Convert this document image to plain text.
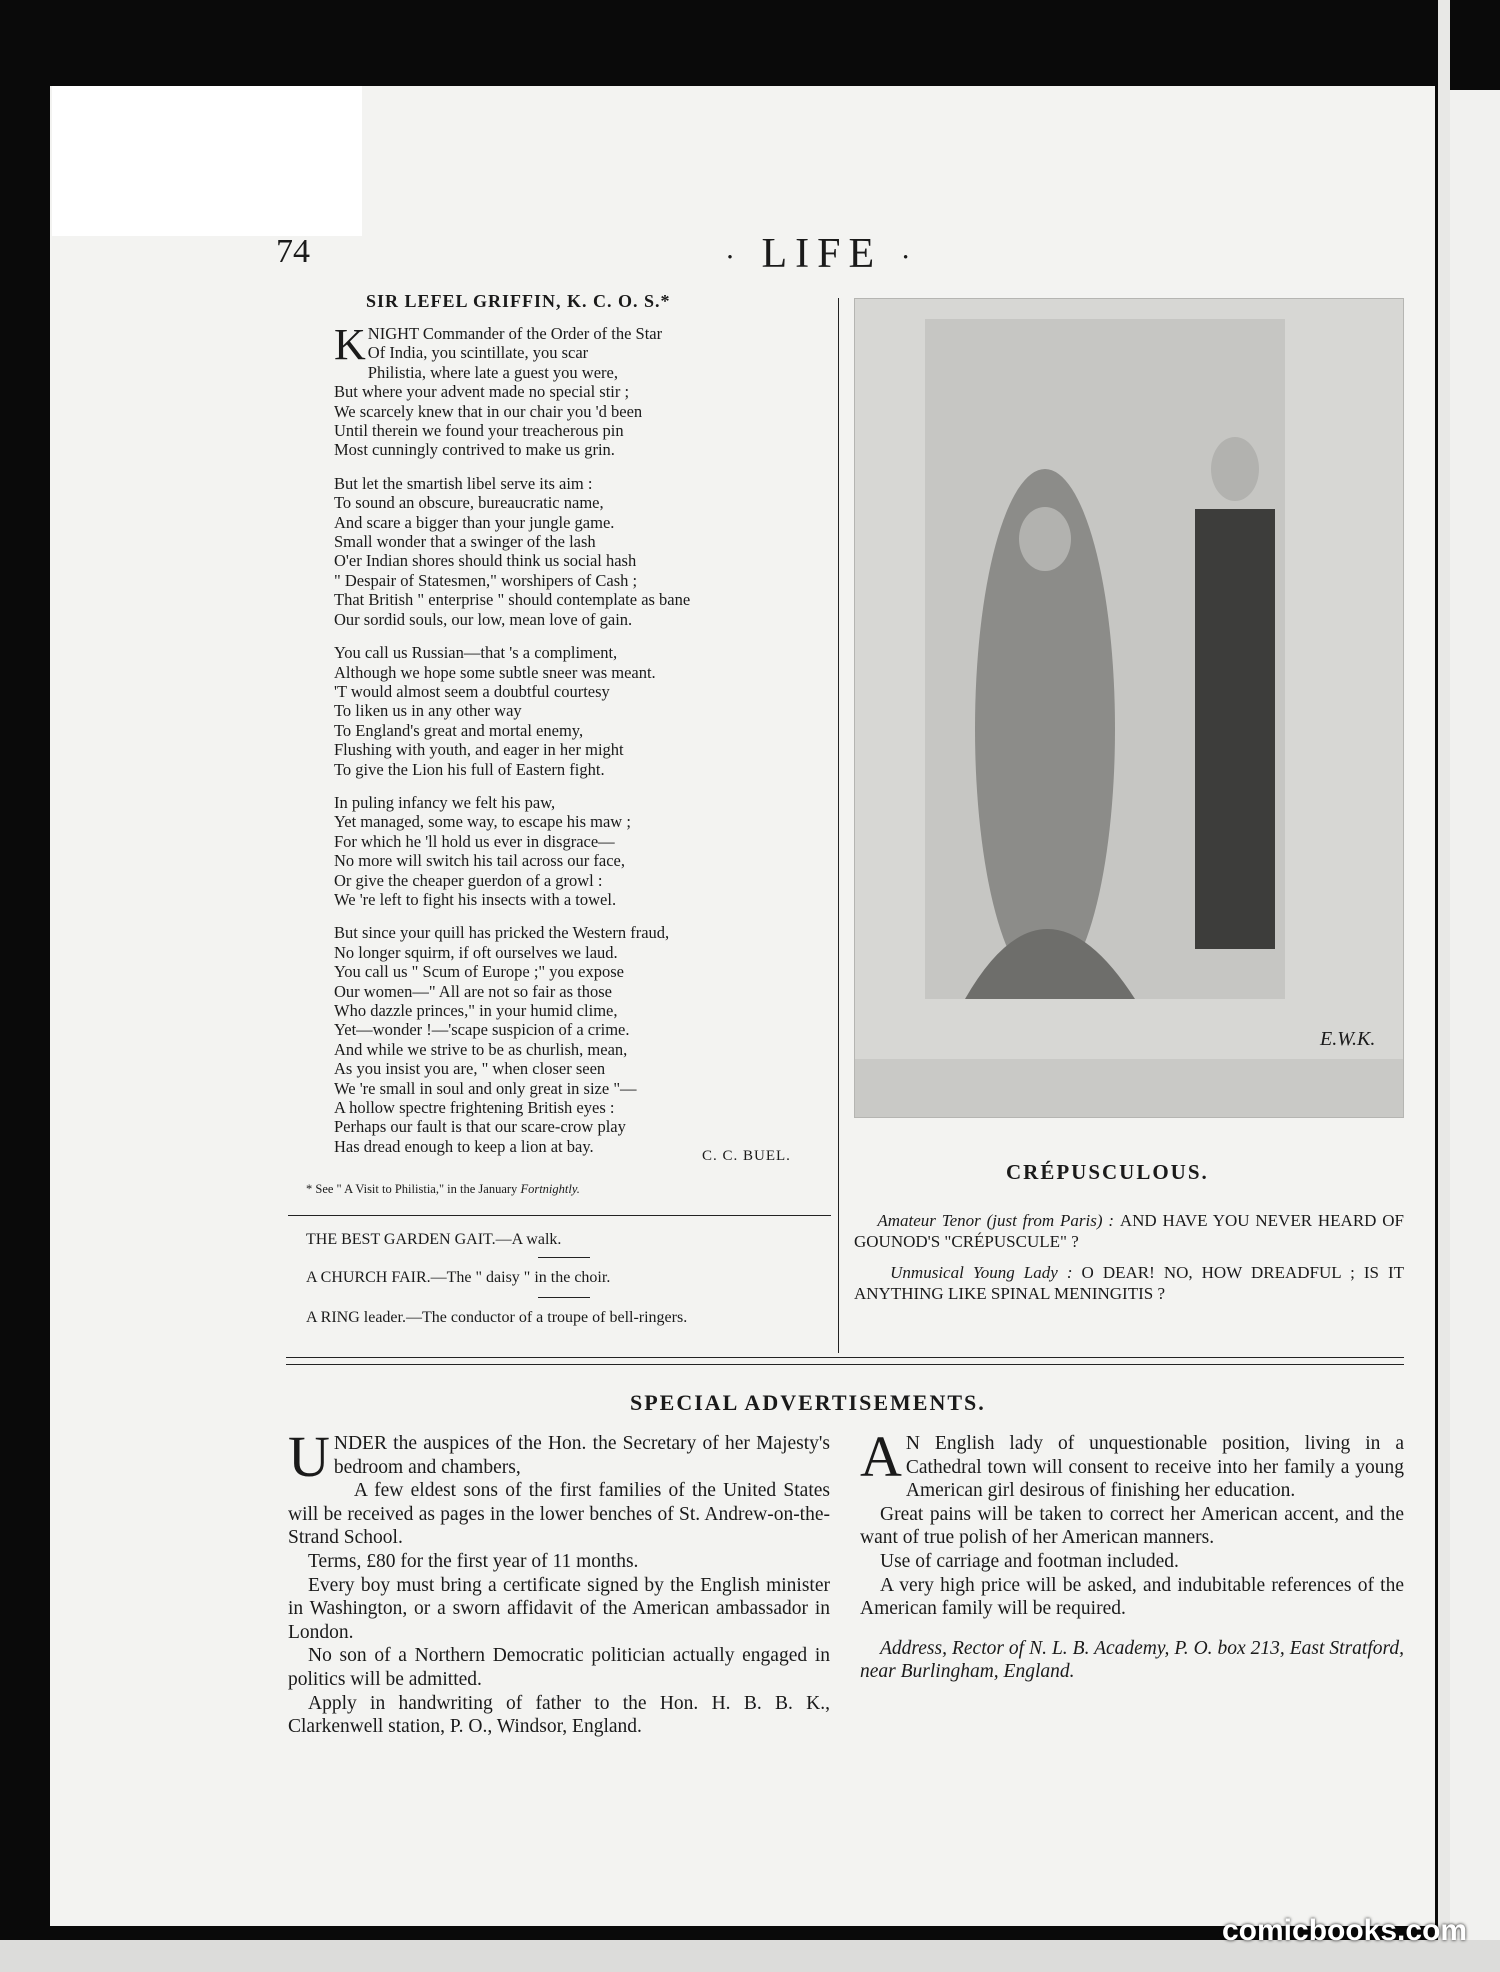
74	· LIFE ·
SIR LEFEL GRIFFIN, K. C. O. S.*
K NIGHT Commander of the Order of the Star
Of India, you scintillate, you scar
Philistia, where late a guest you were,
But where your advent made no special stir ;
We scarcely knew that in our chair you 'd been
Until therein we found your treacherous pin
Most cunningly contrived to make us grin.
But let the smartish libel serve its aim :
To sound an obscure, bureaucratic name,
And scare a bigger than your jungle game.
Small wonder that a swinger of the lash
O'er Indian shores should think us social hash
" Despair of Statesmen," worshipers of Cash ;
That British " enterprise " should contemplate as bane
Our sordid souls, our low, mean love of gain.
You call us Russian—that 's a compliment,
Although we hope some subtle sneer was meant.
'T would almost seem a doubtful courtesy
To liken us in any other way
To England's great and mortal enemy,
Flushing with youth, and eager in her might
To give the Lion his full of Eastern fight.
In puling infancy we felt his paw,
Yet managed, some way, to escape his maw ;
For which he 'll hold us ever in disgrace—
No more will switch his tail across our face,
Or give the cheaper guerdon of a growl :
We 're left to fight his insects with a towel.
But since your quill has pricked the Western fraud,
No longer squirm, if oft ourselves we laud.
You call us " Scum of Europe ;" you expose
Our women—" All are not so fair as those
Who dazzle princes," in your humid clime,
Yet—wonder !—'scape suspicion of a crime.
And while we strive to be as churlish, mean,
As you insist you are, " when closer seen
We 're small in soul and only great in size "—
A hollow spectre frightening British eyes :
Perhaps our fault is that our scare-crow play
Has dread enough to keep a lion at bay.
C. C. BUEL.
* See " A Visit to Philistia," in the January Fortnightly.
THE BEST GARDEN GAIT.—A walk.
A CHURCH FAIR.—The " daisy " in the choir.
A RING leader.—The conductor of a troupe of bell-ringers.
E.W.K.
CRÉPUSCULOUS.
Amateur Tenor (just from Paris) : AND HAVE YOU NEVER HEARD OF GOUNOD'S "CRÉPUSCULE" ?
Unmusical Young Lady : O DEAR! NO, HOW DREADFUL ; IS IT ANYTHING LIKE SPINAL MENINGITIS ?
SPECIAL ADVERTISEMENTS.
U NDER the auspices of the Hon. the Secretary of her Majesty's bedroom and chambers,

A few eldest sons of the first families of the United States will be received as pages in the lower benches of St. Andrew-on-the-Strand School.

Terms, £80 for the first year of 11 months.

Every boy must bring a certificate signed by the English minister in Washington, or a sworn affidavit of the American ambassador in London.

No son of a Northern Democratic politician actually engaged in politics will be admitted.

Apply in handwriting of father to the Hon. H. B. B. K., Clarkenwell station, P. O., Windsor, England.

A N English lady of unquestionable position, living in a Cathedral town will consent to receive into her family a young American girl desirous of finishing her education.

Great pains will be taken to correct her American accent, and the want of true polish of her American manners.

Use of carriage and footman included.

A very high price will be asked, and indubitable references of the American family will be required.

Address, Rector of N. L. B. Academy, P. O. box 213, East Stratford, near Burlingham, England.

comicbooks.com
